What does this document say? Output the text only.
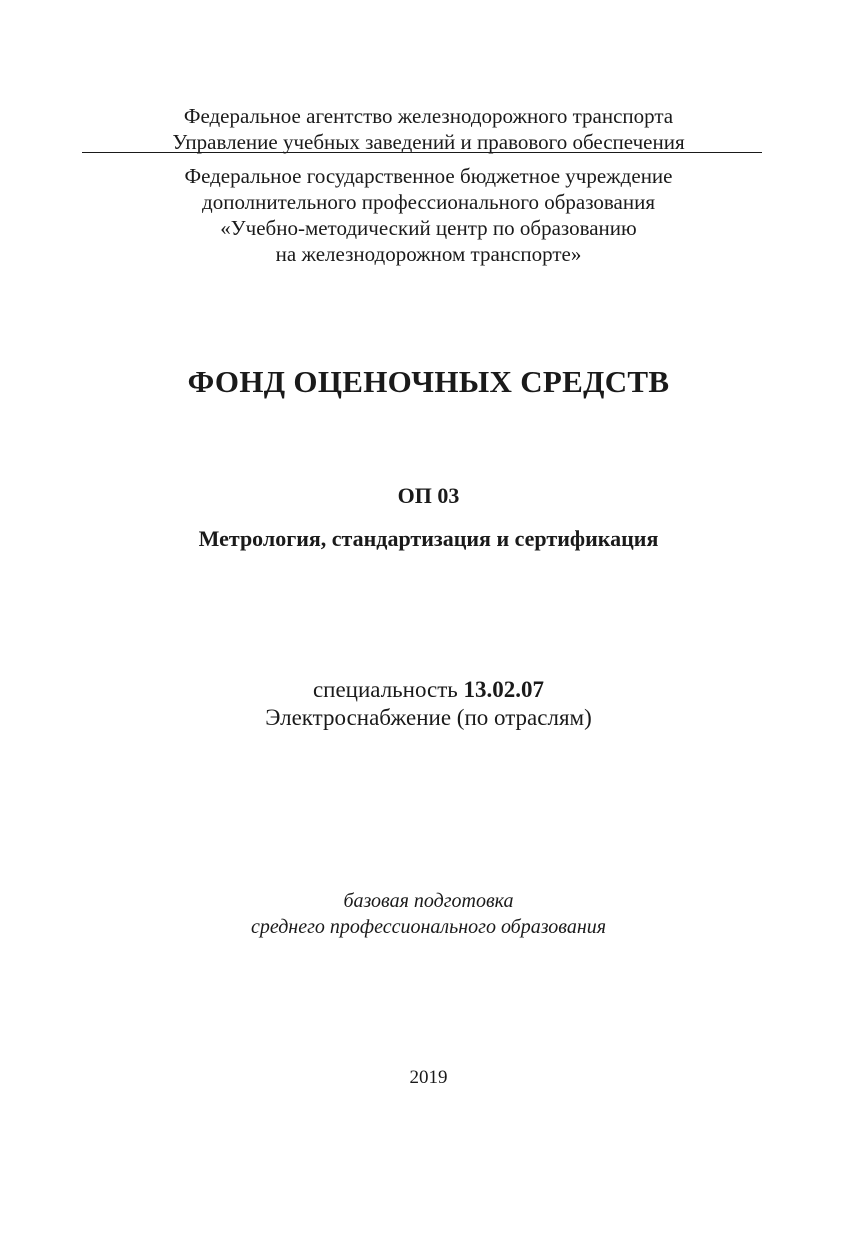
Федеральное агентство железнодорожного транспорта
Управление учебных заведений и правового обеспечения
Федеральное государственное бюджетное учреждение
дополнительного профессионального образования
«Учебно-методический центр по образованию
на железнодорожном транспорте»
ФОНД ОЦЕНОЧНЫХ СРЕДСТВ
ОП 03
Метрология, стандартизация и сертификация
специальность 13.02.07
Электроснабжение (по отраслям)
базовая подготовка
среднего профессионального образования
2019
